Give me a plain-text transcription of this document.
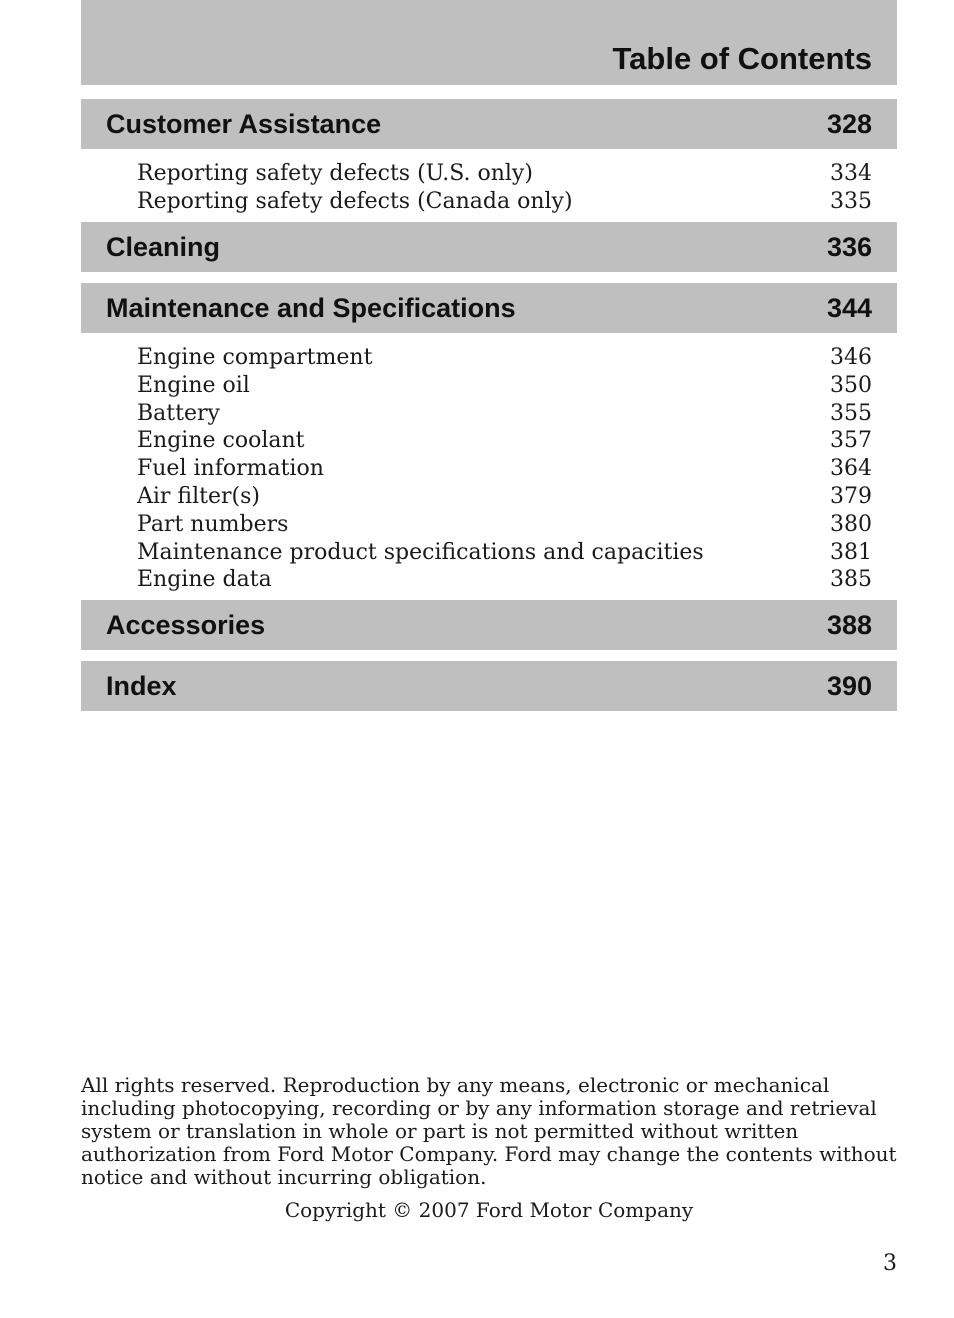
Table of Contents
Customer Assistance	328
Reporting safety defects (U.S. only)	334
Reporting safety defects (Canada only)	335
Cleaning	336
Maintenance and Specifications	344
Engine compartment	346
Engine oil	350
Battery	355
Engine coolant	357
Fuel information	364
Air filter(s)	379
Part numbers	380
Maintenance product specifications and capacities	381
Engine data	385
Accessories	388
Index	390
All rights reserved. Reproduction by any means, electronic or mechanical
including photocopying, recording or by any information storage and retrieval
system or translation in whole or part is not permitted without written
authorization from Ford Motor Company. Ford may change the contents without
notice and without incurring obligation.
Copyright © 2007 Ford Motor Company
3
